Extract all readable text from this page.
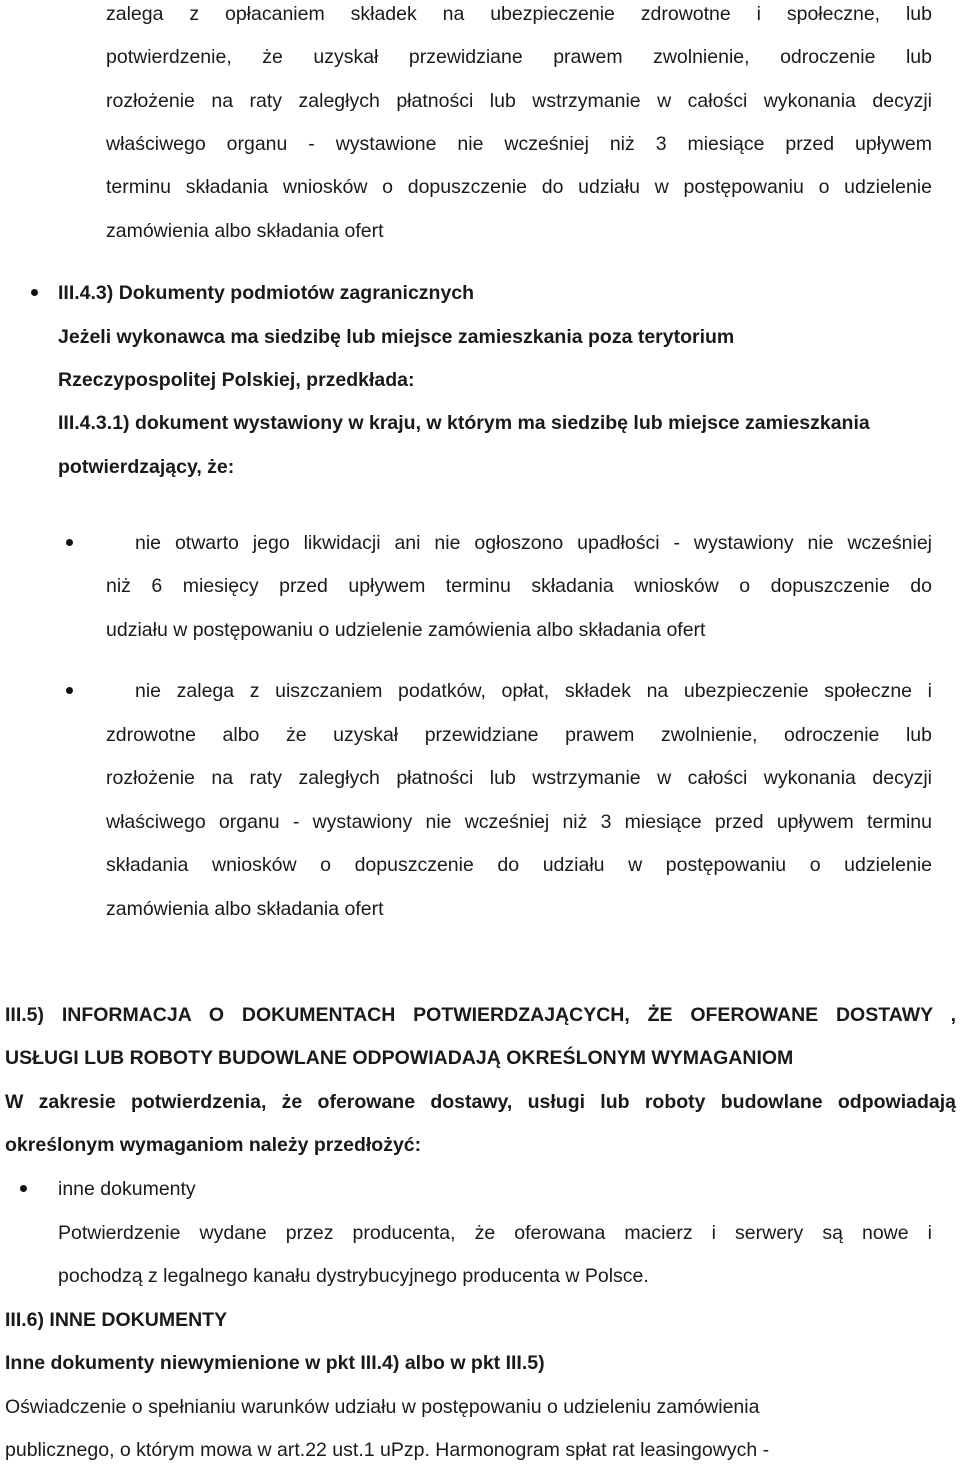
zalega z opłacaniem składek na ubezpieczenie zdrowotne i społeczne, lub
potwierdzenie, że uzyskał przewidziane prawem zwolnienie, odroczenie lub
rozłożenie na raty zaległych płatności lub wstrzymanie w całości wykonania decyzji
właściwego organu - wystawione nie wcześniej niż 3 miesiące przed upływem
terminu składania wniosków o dopuszczenie do udziału w postępowaniu o udzielenie
zamówienia albo składania ofert
III.4.3) Dokumenty podmiotów zagranicznych
Jeżeli wykonawca ma siedzibę lub miejsce zamieszkania poza terytorium
Rzeczypospolitej Polskiej, przedkłada:
III.4.3.1) dokument wystawiony w kraju, w którym ma siedzibę lub miejsce zamieszkania
potwierdzający, że:
nie otwarto jego likwidacji ani nie ogłoszono upadłości - wystawiony nie wcześniej
niż 6 miesięcy przed upływem terminu składania wniosków o dopuszczenie do
udziału w postępowaniu o udzielenie zamówienia albo składania ofert
nie zalega z uiszczaniem podatków, opłat, składek na ubezpieczenie społeczne i
zdrowotne albo że uzyskał przewidziane prawem zwolnienie, odroczenie lub
rozłożenie na raty zaległych płatności lub wstrzymanie w całości wykonania decyzji
właściwego organu - wystawiony nie wcześniej niż 3 miesiące przed upływem terminu
składania wniosków o dopuszczenie do udziału w postępowaniu o udzielenie
zamówienia albo składania ofert
III.5) INFORMACJA O DOKUMENTACH POTWIERDZAJĄCYCH, ŻE OFEROWANE DOSTAWY ,
USŁUGI LUB ROBOTY BUDOWLANE ODPOWIADAJĄ OKREŚLONYM WYMAGANIOM
W zakresie potwierdzenia, że oferowane dostawy, usługi lub roboty budowlane odpowiadają
określonym wymaganiom należy przedłożyć:
inne dokumenty
Potwierdzenie wydane przez producenta, że oferowana macierz i serwery są nowe i
pochodzą z legalnego kanału dystrybucyjnego producenta w Polsce.
III.6) INNE DOKUMENTY
Inne dokumenty niewymienione w pkt III.4) albo w pkt III.5)
Oświadczenie o spełnianiu warunków udziału w postępowaniu o udzieleniu zamówienia
publicznego, o którym mowa w art.22 ust.1 uPzp. Harmonogram spłat rat leasingowych -
